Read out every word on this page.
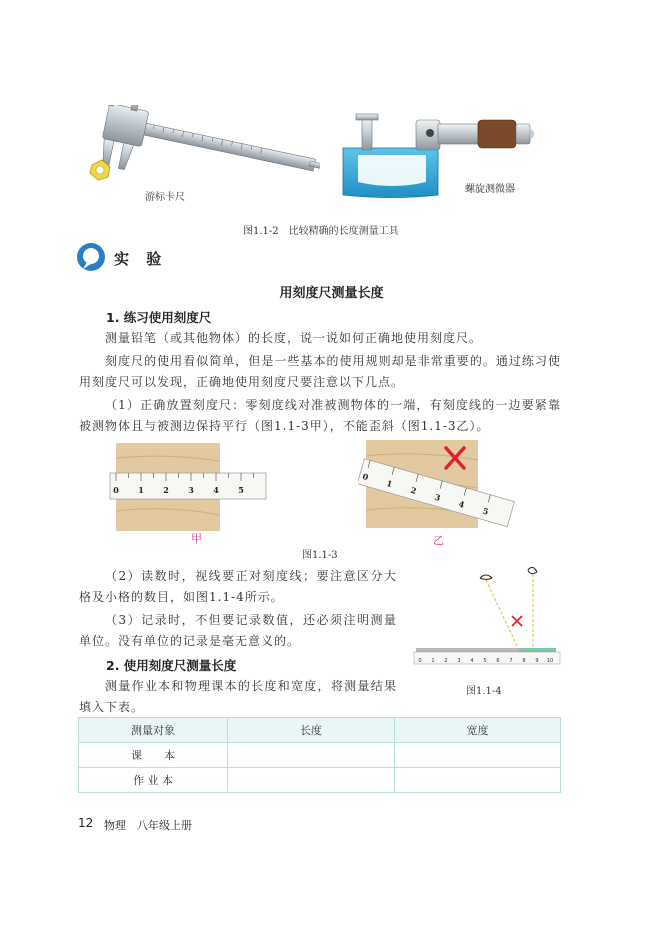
游标卡尺
螺旋测微器
图1.1-2　比较精确的长度测量工具
实 验
用刻度尺测量长度
1. 练习使用刻度尺
测量铅笔（或其他物体）的长度，说一说如何正确地使用刻度尺。
刻度尺的使用看似简单，但是一些基本的使用规则却是非常重要的。通过练习使用刻度尺可以发现，正确地使用刻度尺要注意以下几点。
（1）正确放置刻度尺：零刻度线对准被测物体的一端，有刻度线的一边要紧靠被测物体且与被测边保持平行（图1.1-3甲），不能歪斜（图1.1-3乙）。
0 1 2 3 4 5
0
1
2
3
4
5
甲	乙
图1.1-3
（2）读数时，视线要正对刻度线；要注意区分大格及小格的数目，如图1.1-4所示。
（3）记录时，不但要记录数值，还必须注明测量单位。没有单位的记录是毫无意义的。
0 1 2 3 4 5 6 7 8 9 10
图1.1-4
2. 使用刻度尺测量长度
测量作业本和物理课本的长度和宽度，将测量结果填入下表。
测量对象	长度	宽度
课　　本		
作 业 本		
12 物理　八年级上册
